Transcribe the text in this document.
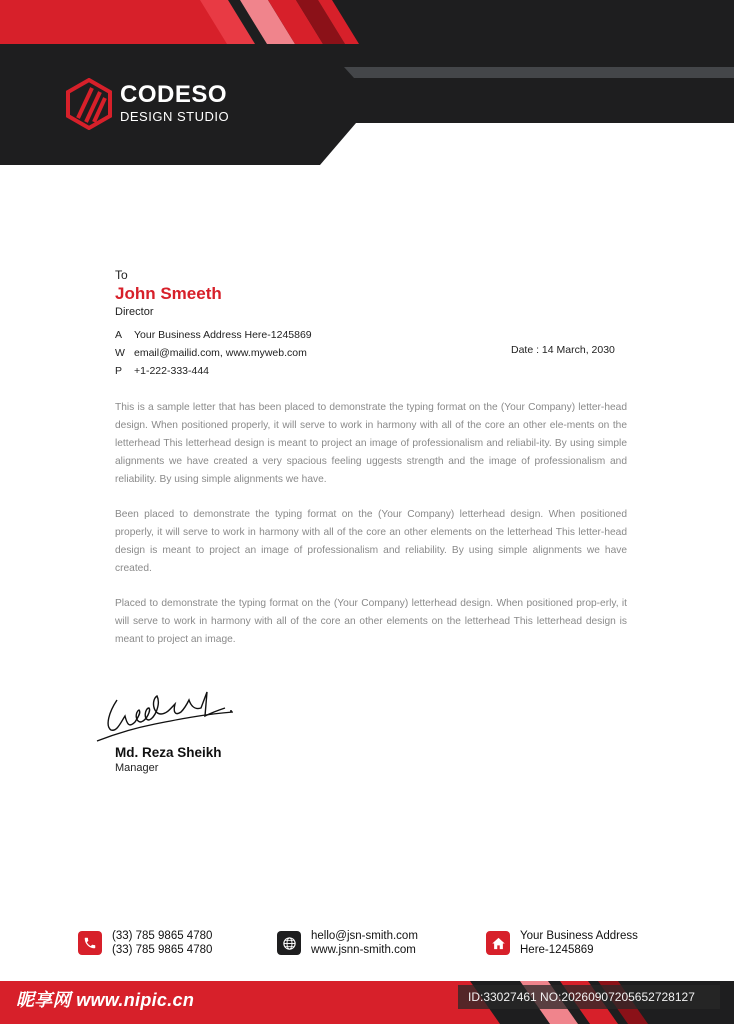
CODESO
DESIGN STUDIO
To
John Smeeth
Director
A	Your Business Address Here-1245869
W email@mailid.com, www.myweb.com
P	+1-222-333-444
Date : 14 March, 2030

This is a sample letter that has been placed to demonstrate the typing format on the (Your Company) letter-head design. When positioned properly, it will serve to work in harmony with all of the core an other ele-ments on the letterhead This letterhead design is meant to project an image of professionalism and reliabil-ity. By using simple alignments we have created a very spacious feeling uggests strength and the image of professionalism and reliability. By using simple alignments we have.

Been placed to demonstrate the typing format on the (Your Company) letterhead design. When positioned properly, it will serve to work in harmony with all of the core an other elements on the letterhead This letter-head design is meant to project an image of professionalism and reliability. By using simple alignments we have created.

Placed to demonstrate the typing format on the (Your Company) letterhead design. When positioned prop-erly, it will serve to work in harmony with all of the core an other elements on the letterhead This letterhead design is meant to project an image.

Md. Reza Sheikh
Manager
(33) 785 9865 4780
(33) 785 9865 4780
hello@jsn-smith.com
www.jsnn-smith.com
Your Business Address
Here-1245869
昵享网 www.nipic.cn	ID:33027461 NO:20260907205652728127
